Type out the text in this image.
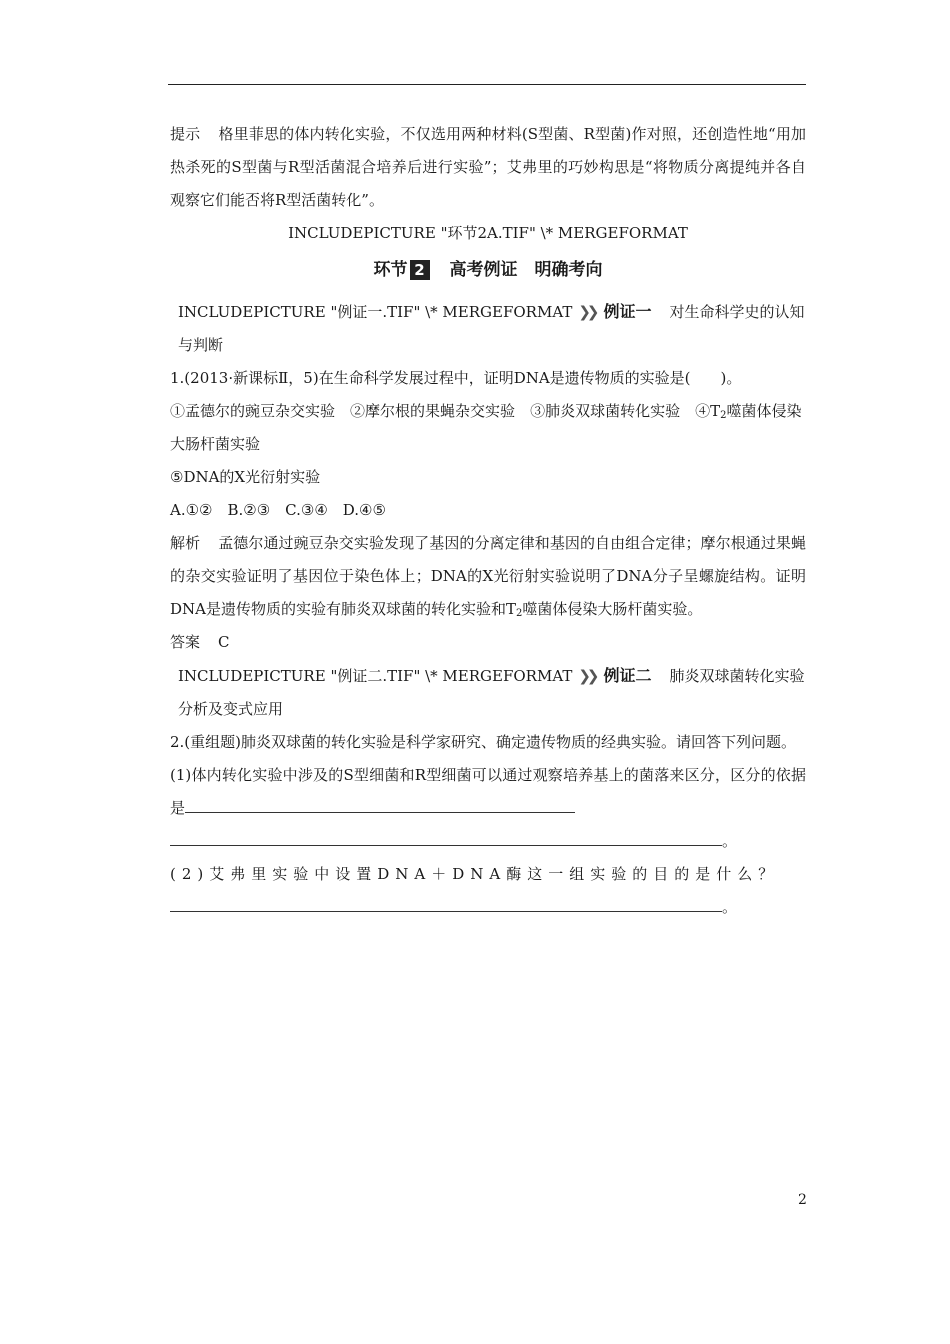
提示 格里菲思的体内转化实验，不仅选用两种材料(S型菌、R型菌)作对照，还创造性地“用加热杀死的S型菌与R型活菌混合培养后进行实验”；艾弗里的巧妙构思是“将物质分离提纯并各自观察它们能否将R型活菌转化”。

INCLUDEPICTURE "环节2A.TIF" \* MERGEFORMAT

环节 2 高考例证　明确考向

INCLUDEPICTURE "例证一.TIF" \* MERGEFORMAT ❯❯ 例证一 对生命科学史的认知与判断

1.(2013·新课标Ⅱ，5)在生命科学发展过程中，证明DNA是遗传物质的实验是(　　)。

①孟德尔的豌豆杂交实验　 ②摩尔根的果蝇杂交实验　 ③肺炎双球菌转化实验　 $④T_2$噬菌体侵染大肠杆菌实验

⑤DNA的X光衍射实验

A.①②　B.②③　C.③④　D.④⑤

解析 孟德尔通过豌豆杂交实验发现了基因的分离定律和基因的自由组合定律；摩尔根通过果蝇的杂交实验证明了基因位于染色体上；DNA的X光衍射实验说明了DNA分子呈螺旋结构。证明DNA是遗传物质的实验有肺炎双球菌的转化实验和$T_2$噬菌体侵染大肠杆菌实验。

答案 C

INCLUDEPICTURE "例证二.TIF" \* MERGEFORMAT ❯❯ 例证二 肺炎双球菌转化实验分析及变式应用

2.(重组题)肺炎双球菌的转化实验是科学家研究、确定遗传物质的经典实验。请回答下列问题。

(1)体内转化实验中涉及的S型细菌和R型细菌可以通过观察培养基上的菌落来区分，区分的依据是

。

(2)艾弗里实验中设置DNA＋DNA酶这一组实验的目的是什么？

。

2
